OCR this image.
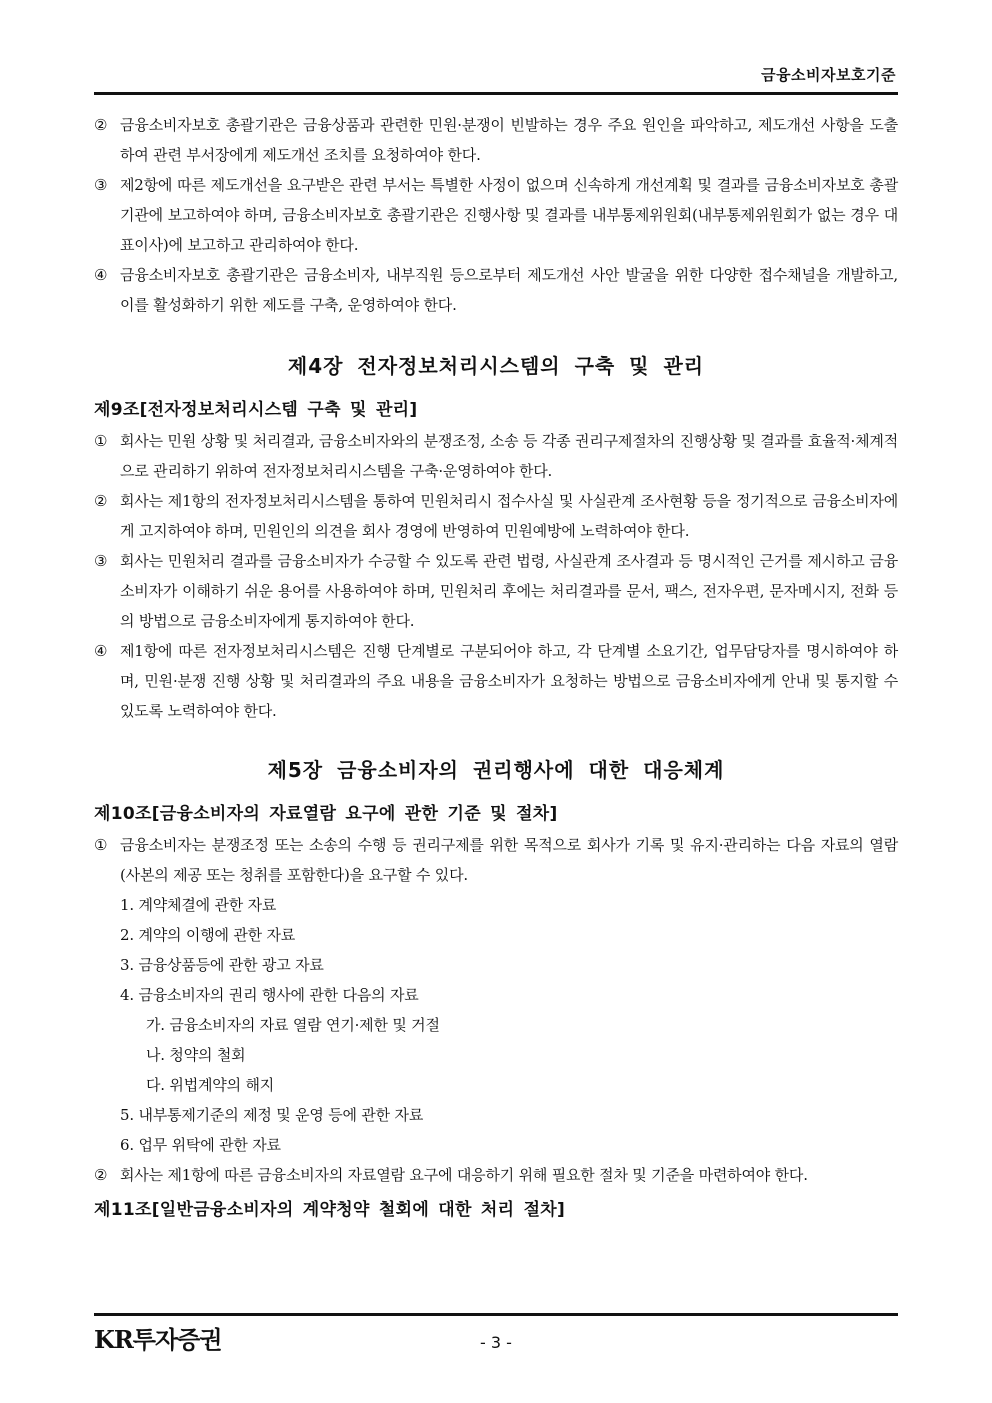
금융소비자보호기준
② 금융소비자보호 총괄기관은 금융상품과 관련한 민원·분쟁이 빈발하는 경우 주요 원인을 파악하고, 제도개선 사항을 도출하여 관련 부서장에게 제도개선 조치를 요청하여야 한다.
③ 제2항에 따른 제도개선을 요구받은 관련 부서는 특별한 사정이 없으며 신속하게 개선계획 및 결과를 금융소비자보호 총괄기관에 보고하여야 하며, 금융소비자보호 총괄기관은 진행사항 및 결과를 내부통제위원회(내부통제위원회가 없는 경우 대표이사)에 보고하고 관리하여야 한다.
④ 금융소비자보호 총괄기관은 금융소비자, 내부직원 등으로부터 제도개선 사안 발굴을 위한 다양한 접수채널을 개발하고, 이를 활성화하기 위한 제도를 구축, 운영하여야 한다.
제4장 전자정보처리시스템의 구축 및 관리
제9조[전자정보처리시스템 구축 및 관리]
① 회사는 민원 상황 및 처리결과, 금융소비자와의 분쟁조정, 소송 등 각종 권리구제절차의 진행상황 및 결과를 효율적·체계적으로 관리하기 위하여 전자정보처리시스템을 구축·운영하여야 한다.
② 회사는 제1항의 전자정보처리시스템을 통하여 민원처리시 접수사실 및 사실관계 조사현황 등을 정기적으로 금융소비자에게 고지하여야 하며, 민원인의 의견을 회사 경영에 반영하여 민원예방에 노력하여야 한다.
③ 회사는 민원처리 결과를 금융소비자가 수긍할 수 있도록 관련 법령, 사실관계 조사결과 등 명시적인 근거를 제시하고 금융소비자가 이해하기 쉬운 용어를 사용하여야 하며, 민원처리 후에는 처리결과를 문서, 팩스, 전자우편, 문자메시지, 전화 등의 방법으로 금융소비자에게 통지하여야 한다.
④ 제1항에 따른 전자정보처리시스템은 진행 단계별로 구분되어야 하고, 각 단계별 소요기간, 업무담당자를 명시하여야 하며, 민원·분쟁 진행 상황 및 처리결과의 주요 내용을 금융소비자가 요청하는 방법으로 금융소비자에게 안내 및 통지할 수 있도록 노력하여야 한다.
제5장 금융소비자의 권리행사에 대한 대응체계
제10조[금융소비자의 자료열람 요구에 관한 기준 및 절차]
① 금융소비자는 분쟁조정 또는 소송의 수행 등 권리구제를 위한 목적으로 회사가 기록 및 유지·관리하는 다음 자료의 열람(사본의 제공 또는 청취를 포함한다)을 요구할 수 있다.
1. 계약체결에 관한 자료
2. 계약의 이행에 관한 자료
3. 금융상품등에 관한 광고 자료
4. 금융소비자의 권리 행사에 관한 다음의 자료
가. 금융소비자의 자료 열람 연기·제한 및 거절
나. 청약의 철회
다. 위법계약의 해지
5. 내부통제기준의 제정 및 운영 등에 관한 자료
6. 업무 위탁에 관한 자료
② 회사는 제1항에 따른 금융소비자의 자료열람 요구에 대응하기 위해 필요한 절차 및 기준을 마련하여야 한다.
제11조[일반금융소비자의 계약청약 철회에 대한 처리 절차]
KR투자증권	- 3 -
